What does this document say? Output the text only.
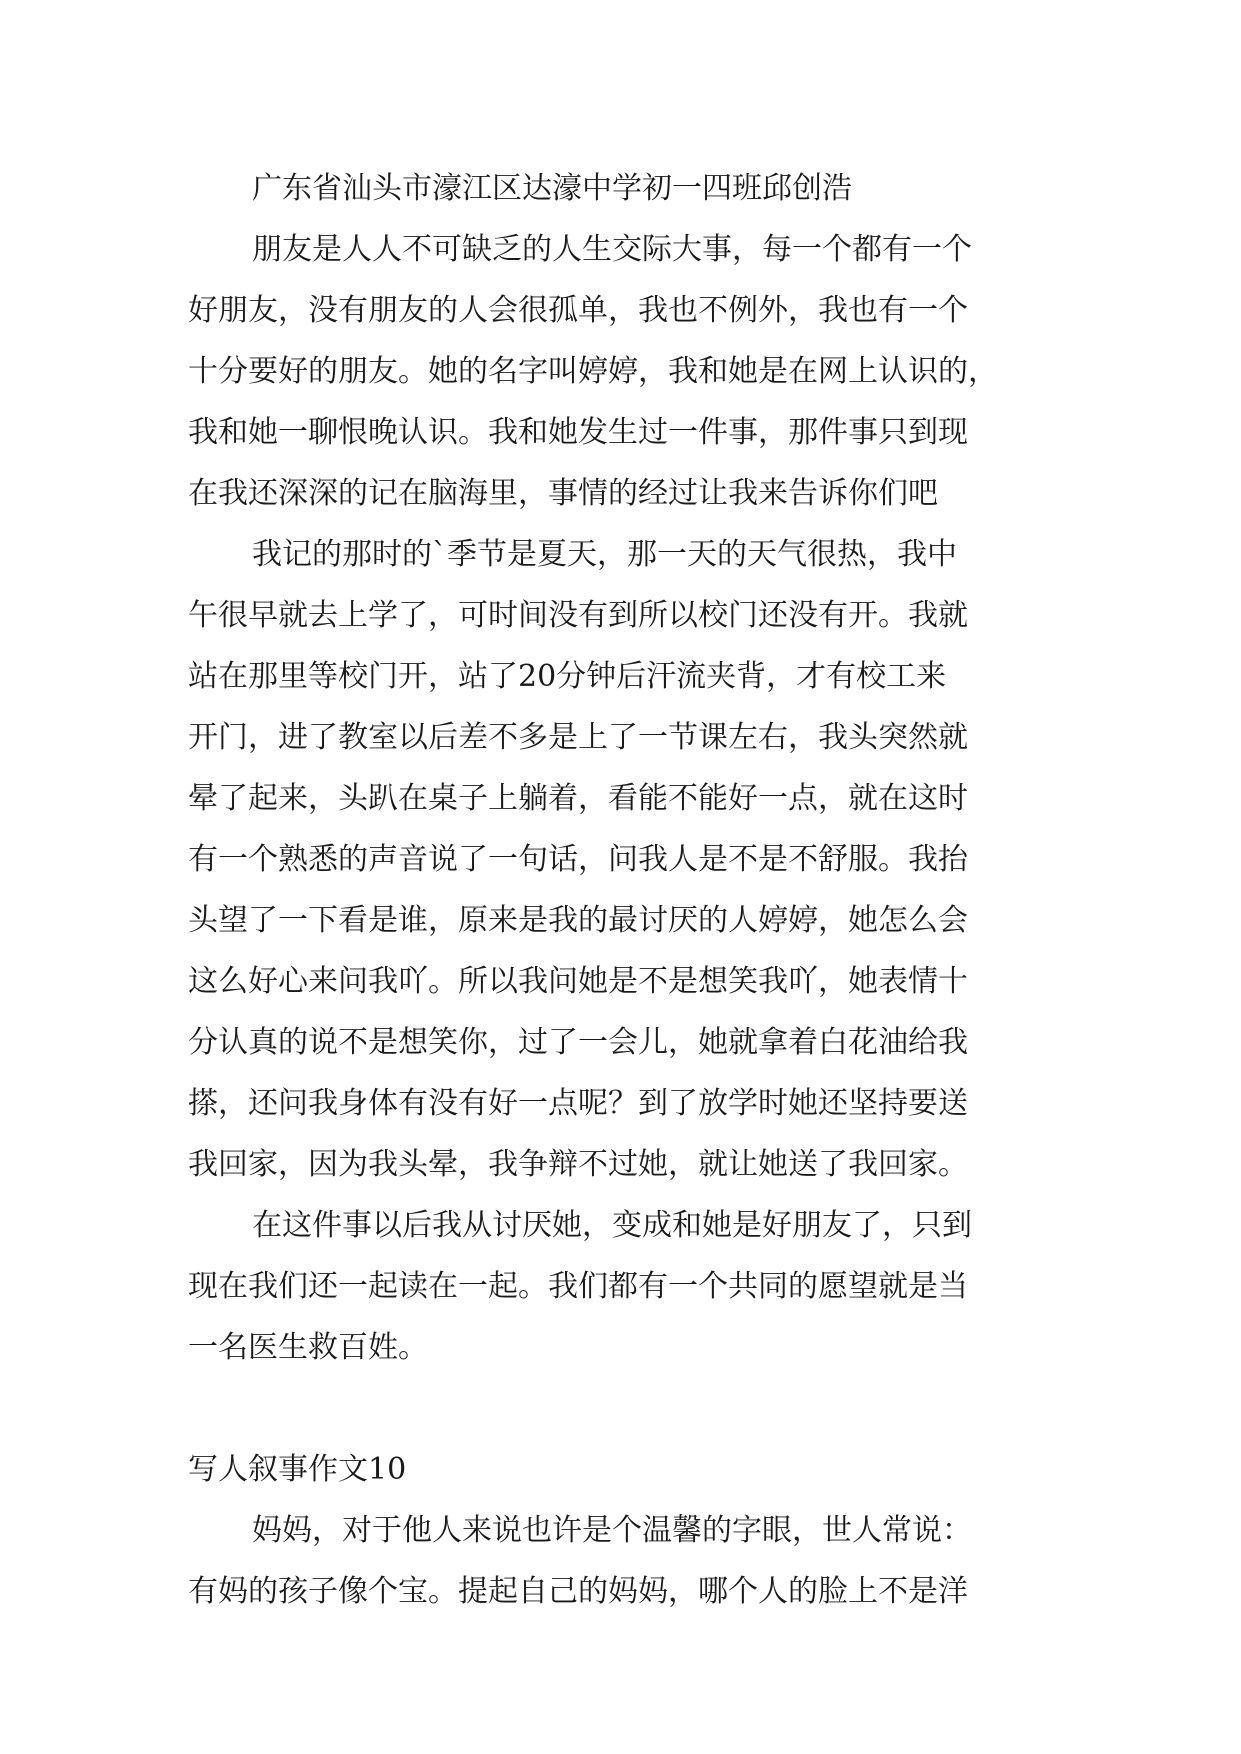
广东省汕头市濠江区达濠中学初一四班邱创浩

朋友是人人不可缺乏的人生交际大事，每一个都有一个
好朋友，没有朋友的人会很孤单，我也不例外，我也有一个
十分要好的朋友。她的名字叫婷婷，我和她是在网上认识的，
我和她一聊恨晚认识。我和她发生过一件事，那件事只到现
在我还深深的记在脑海里，事情的经过让我来告诉你们吧

我记的那时的`季节是夏天，那一天的天气很热，我中
午很早就去上学了，可时间没有到所以校门还没有开。我就
站在那里等校门开，站了20分钟后汗流夹背，才有校工来
开门，进了教室以后差不多是上了一节课左右，我头突然就
晕了起来，头趴在桌子上躺着，看能不能好一点，就在这时
有一个熟悉的声音说了一句话，问我人是不是不舒服。我抬
头望了一下看是谁，原来是我的最讨厌的人婷婷，她怎么会
这么好心来问我吖。所以我问她是不是想笑我吖，她表情十
分认真的说不是想笑你，过了一会儿，她就拿着白花油给我
搽，还问我身体有没有好一点呢？到了放学时她还坚持要送
我回家，因为我头晕，我争辩不过她，就让她送了我回家。

在这件事以后我从讨厌她，变成和她是好朋友了，只到
现在我们还一起读在一起。我们都有一个共同的愿望就是当
一名医生救百姓。

写人叙事作文10

妈妈，对于他人来说也许是个温馨的字眼，世人常说：
有妈的孩子像个宝。提起自己的妈妈，哪个人的脸上不是洋
